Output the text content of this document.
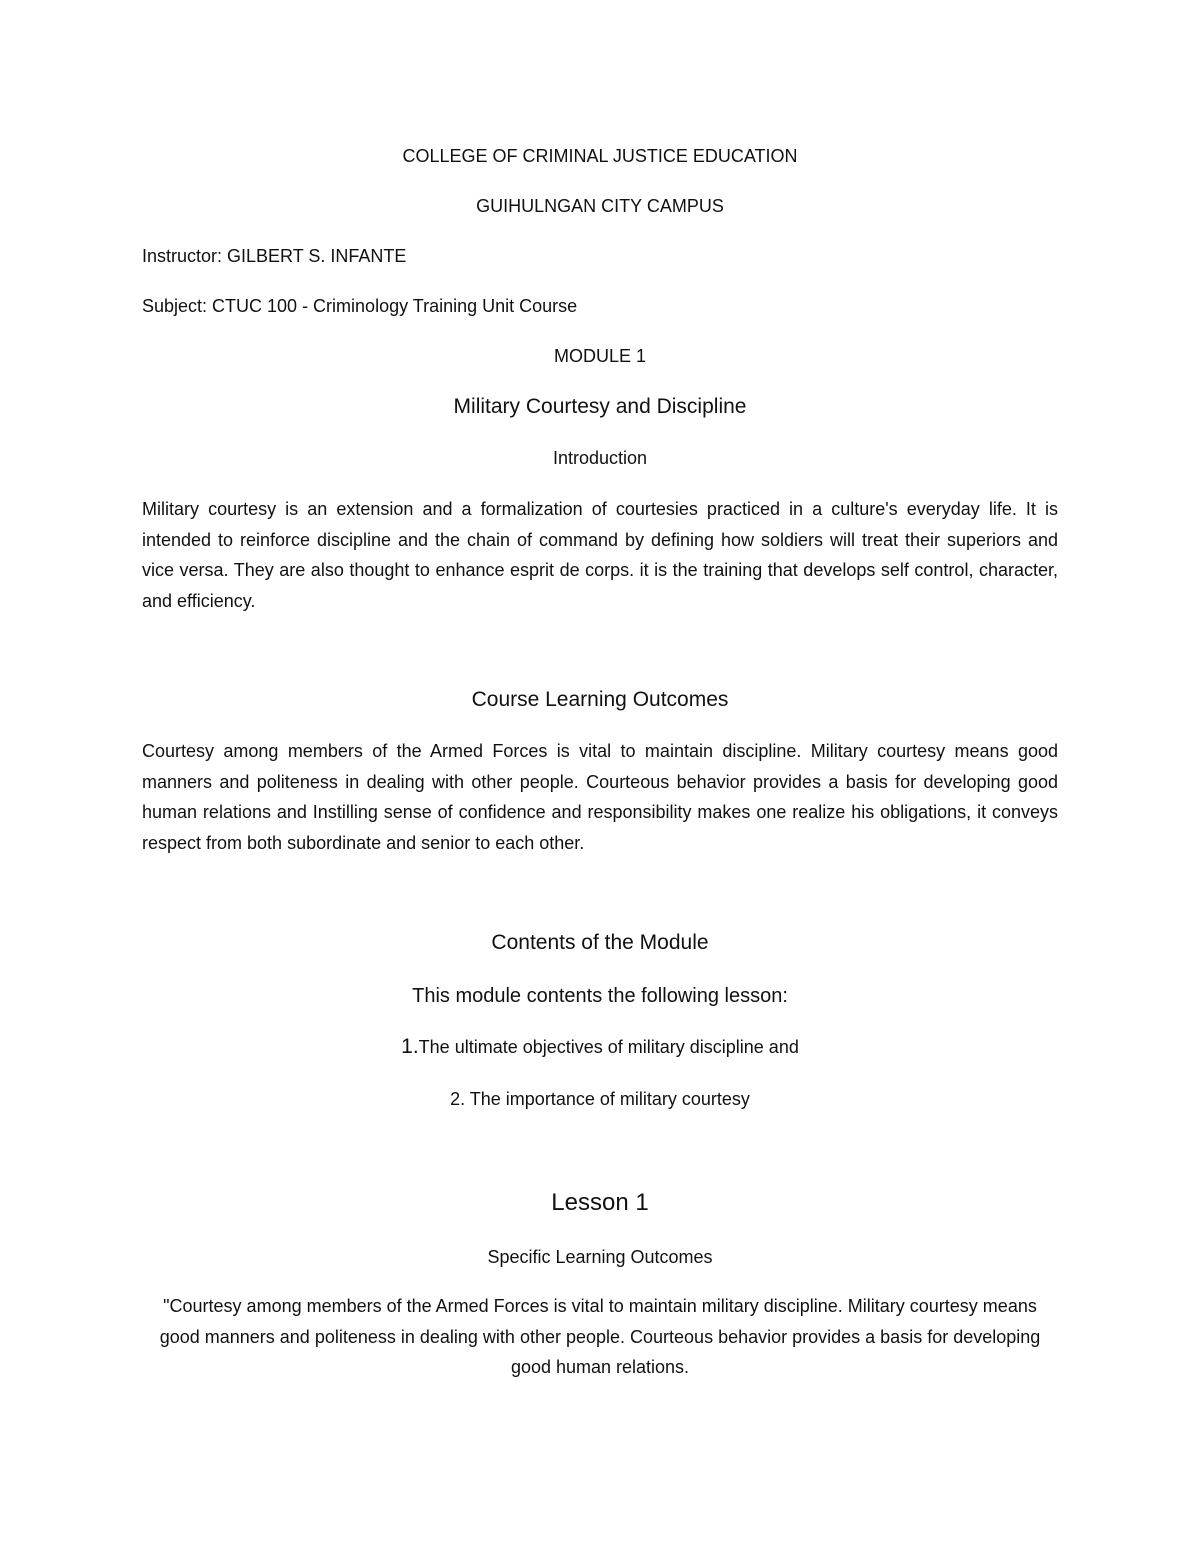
COLLEGE OF CRIMINAL JUSTICE EDUCATION
GUIHULNGAN CITY CAMPUS
Instructor: GILBERT S. INFANTE
Subject: CTUC 100 - Criminology Training Unit Course
MODULE 1
Military Courtesy and Discipline
Introduction
Military courtesy is an extension and a formalization of courtesies practiced in a culture's everyday life. It is intended to reinforce discipline and the chain of command by defining how soldiers will treat their superiors and vice versa. They are also thought to enhance esprit de corps. it is the training that develops self control, character, and efficiency.
Course Learning Outcomes
Courtesy among members of the Armed Forces is vital to maintain discipline. Military courtesy means good manners and politeness in dealing with other people. Courteous behavior provides a basis for developing good human relations and Instilling sense of confidence and responsibility makes one realize his obligations, it conveys respect from both subordinate and senior to each other.
Contents of the Module
This module contents the following lesson:
1.The ultimate objectives of military discipline and
2. The importance of military courtesy
Lesson 1
Specific Learning Outcomes
"Courtesy among members of the Armed Forces is vital to maintain military discipline. Military courtesy means good manners and politeness in dealing with other people. Courteous behavior provides a basis for developing good human relations.
